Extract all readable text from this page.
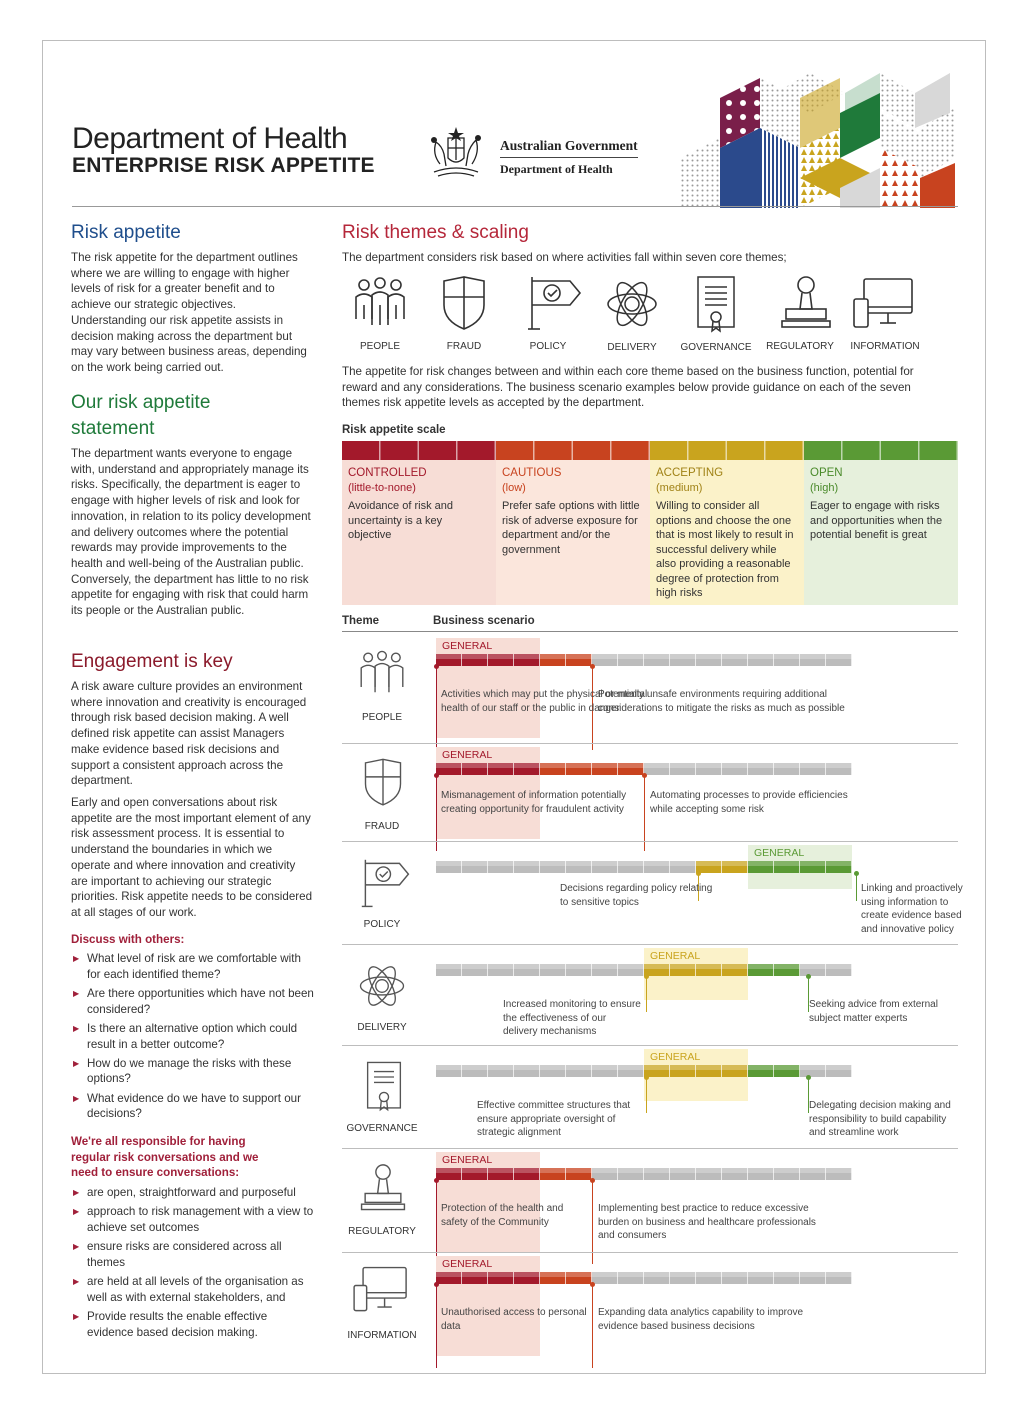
Department of Health
ENTERPRISE RISK APPETITE
Australian Government
Department of Health
Risk appetite
The risk appetite for the department outlines where we are willing to engage with higher levels of risk for a greater benefit and to achieve our strategic objectives. Understanding our risk appetite assists in decision making across the department but may vary between business areas, depending on the work being carried out.
Our risk appetite
statement
The department wants everyone to engage with, understand and appropriately manage its risks. Specifically, the department is eager to engage with higher levels of risk and look for innovation, in relation to its policy development and delivery outcomes where the potential rewards may provide improvements to the health and well-being of the Australian public. Conversely, the department has little to no risk appetite for engaging with risk that could harm its people or the Australian public.
Engagement is key
A risk aware culture provides an environment where innovation and creativity is encouraged through risk based decision making. A well defined risk appetite can assist Managers make evidence based risk decisions and support a consistent approach across the department.
Early and open conversations about risk appetite are the most important element of any risk assessment process. It is essential to understand the boundaries in which we operate and where innovation and creativity are important to achieving our strategic priorities. Risk appetite needs to be considered at all stages of our work.
Discuss with others:
▶ What level of risk are we comfortable with for each identified theme?
▶ Are there opportunities which have not been considered?
▶ Is there an alternative option which could result in a better outcome?
▶ How do we manage the risks with these options?
▶ What evidence do we have to support our decisions?
We're all responsible for having regular risk conversations and we need to ensure conversations:
▶ are open, straightforward and purposeful
▶ approach to risk management with a view to achieve set outcomes
▶ ensure risks are considered across all themes
▶ are held at all levels of the organisation as well as with external stakeholders, and
▶ Provide results the enable effective evidence based decision making.
Risk themes & scaling
The department considers risk based on where activities fall within seven core themes;
PEOPLE	FRAUD	POLICY	DELIVERY	GOVERNANCE	REGULATORY	INFORMATION
The appetite for risk changes between and within each core theme based on the business function, potential for reward and any considerations. The business scenario examples below provide guidance on each of the seven themes risk appetite levels as accepted by the department.
Risk appetite scale
CONTROLLED
(little-to-none)
Avoidance of risk and uncertainty is a key objective
CAUTIOUS
(low)
Prefer safe options with little risk of adverse exposure for department and/or the government
ACCEPTING
(medium)
Willing to consider all options and choose the one that is most likely to result in successful delivery while also providing a reasonable degree of protection from high risks
OPEN
(high)
Eager to engage with risks and opportunities when the potential benefit is great
Theme	Business scenario
GENERAL
Activities which may put the physical or mental health of our staff or the public in danger
Potentially unsafe environments requiring additional considerations to mitigate the risks as much as possible
PEOPLE
GENERAL
Mismanagement of information potentially creating opportunity for fraudulent activity
Automating processes to provide efficiencies while accepting some risk
FRAUD
GENERAL
Decisions regarding policy relating to sensitive topics
Linking and proactively using information to create evidence based and innovative policy
POLICY
GENERAL
Increased monitoring to ensure the effectiveness of our delivery mechanisms
Seeking advice from external subject matter experts
DELIVERY
GENERAL
Effective committee structures that ensure appropriate oversight of strategic alignment
Delegating decision making and responsibility to build capability and streamline work
GOVERNANCE
GENERAL
Protection of the health and safety of the Community
Implementing best practice to reduce excessive burden on business and healthcare professionals and consumers
REGULATORY
GENERAL
Unauthorised access to personal data
Expanding data analytics capability to improve evidence based business decisions
INFORMATION
